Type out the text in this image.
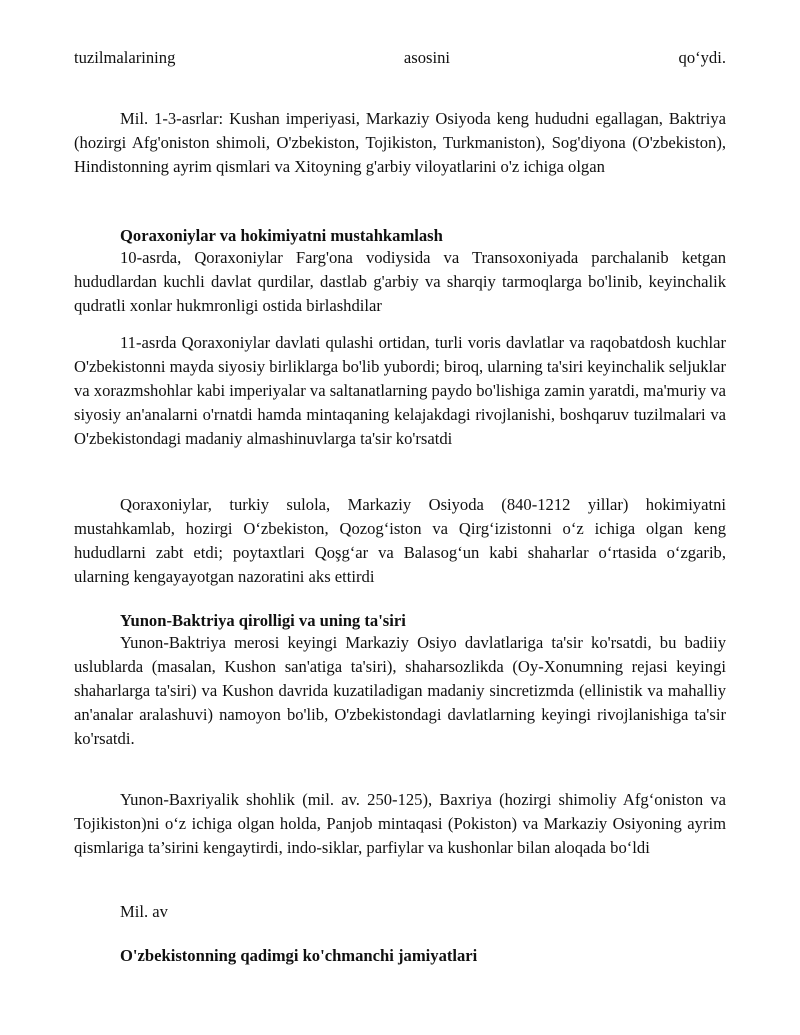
tuzilmalarining asosini qo‘ydi.
Mil. 1-3-asrlar: Kushan imperiyasi, Markaziy Osiyoda keng hududni egallagan, Baktriya (hozirgi Afg'oniston shimoli, O'zbekiston, Tojikiston, Turkmaniston), Sog'diyona (O'zbekiston), Hindistonning ayrim qismlari va Xitoyning g'arbiy viloyatlarini o'z ichiga olgan
Qoraxoniylar va hokimiyatni mustahkamlash
10-asrda, Qoraxoniylar Farg'ona vodiysida va Transoxoniyada parchalanib ketgan hududlardan kuchli davlat qurdilar, dastlab g'arbiy va sharqiy tarmoqlarga bo'linib, keyinchalik qudratli xonlar hukmronligi ostida birlashdilar
11-asrda Qoraxoniylar davlati qulashi ortidan, turli voris davlatlar va raqobatdosh kuchlar O'zbekistonni mayda siyosiy birliklarga bo'lib yubordi; biroq, ularning ta'siri keyinchalik seljuklar va xorazmshohlar kabi imperiyalar va saltanatlarning paydo bo'lishiga zamin yaratdi, ma'muriy va siyosiy an'analarni o'rnatdi hamda mintaqaning kelajakdagi rivojlanishi, boshqaruv tuzilmalari va O'zbekistondagi madaniy almashinuvlarga ta'sir ko'rsatdi
Qoraxoniylar, turkiy sulola, Markaziy Osiyoda (840-1212 yillar) hokimiyatni mustahkamlab, hozirgi O‘zbekiston, Qozog‘iston va Qirg‘izistonni o‘z ichiga olgan keng hududlarni zabt etdi; poytaxtlari Qoşg‘ar va Balasog‘un kabi shaharlar o‘rtasida o‘zgarib, ularning kengayayotgan nazoratini aks ettirdi
Yunon-Baktriya qirolligi va uning ta'siri
Yunon-Baktriya merosi keyingi Markaziy Osiyo davlatlariga ta'sir ko'rsatdi, bu badiiy uslublarda (masalan, Kushon san'atiga ta'siri), shaharsozlikda (Oy-Xonumning rejasi keyingi shaharlarga ta'siri) va Kushon davrida kuzatiladigan madaniy sincretizmda (ellinistik va mahalliy an'analar aralashuvi) namoyon bo'lib, O'zbekistondagi davlatlarning keyingi rivojlanishiga ta'sir ko'rsatdi.
Yunon-Baxriyalik shohlik (mil. av. 250-125), Baxriya (hozirgi shimoliy Afg‘oniston va Tojikiston)ni o‘z ichiga olgan holda, Panjob mintaqasi (Pokiston) va Markaziy Osiyoning ayrim qismlariga ta’sirini kengaytirdi, indo-siklar, parfiylar va kushonlar bilan aloqada bo‘ldi
Mil. av
O'zbekistonning qadimgi ko'chmanchi jamiyatlari
